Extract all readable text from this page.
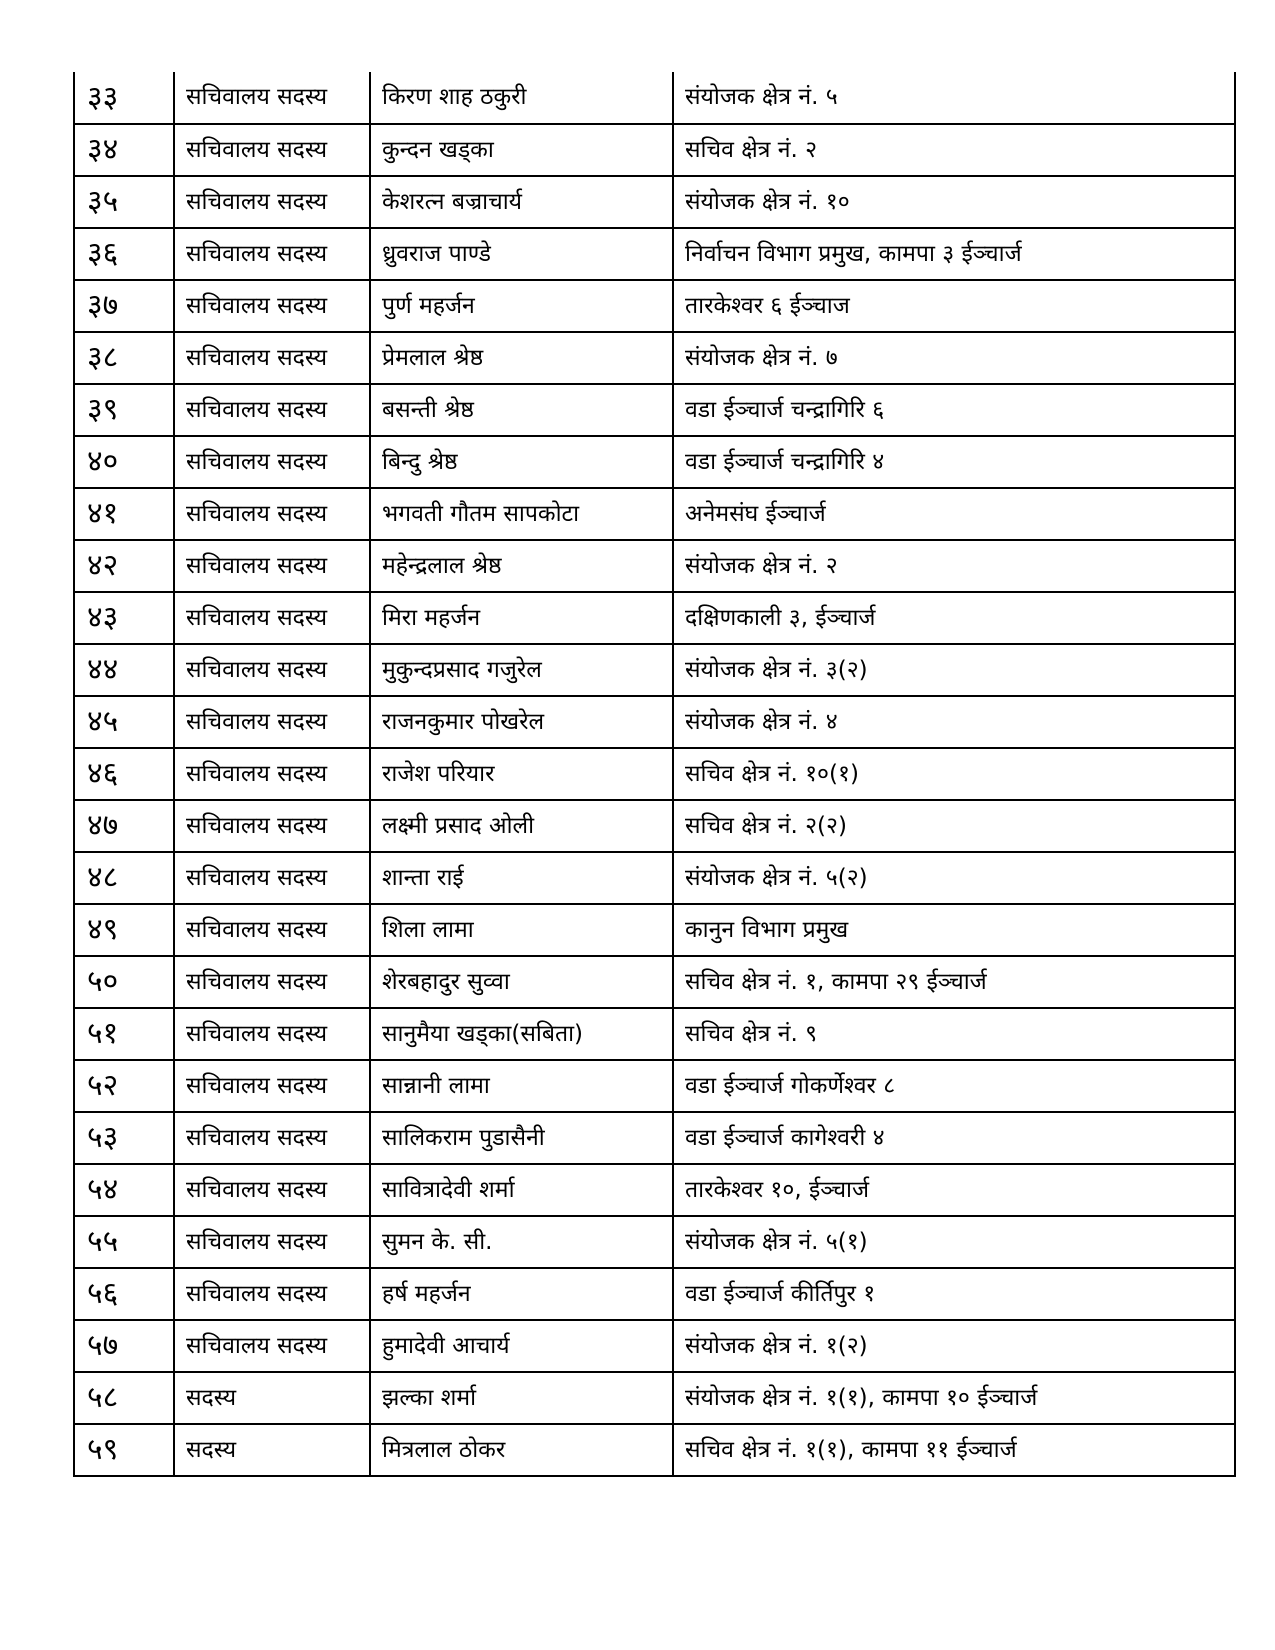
३३	सचिवालय सदस्य	किरण शाह ठकुरी	संयोजक क्षेत्र नं. ५
३४	सचिवालय सदस्य	कुन्दन खड्का	सचिव क्षेत्र नं. २
३५	सचिवालय सदस्य	केशरत्न बज्राचार्य	संयोजक क्षेत्र नं. १०
३६	सचिवालय सदस्य	ध्रुवराज पाण्डे	निर्वाचन विभाग प्रमुख, कामपा ३ ईञ्चार्ज
३७	सचिवालय सदस्य	पुर्ण महर्जन	तारकेश्वर ६ ईञ्चाज
३८	सचिवालय सदस्य	प्रेमलाल श्रेष्ठ	संयोजक क्षेत्र नं. ७
३९	सचिवालय सदस्य	बसन्ती श्रेष्ठ	वडा ईञ्चार्ज चन्द्रागिरि ६
४०	सचिवालय सदस्य	बिन्दु श्रेष्ठ	वडा ईञ्चार्ज चन्द्रागिरि ४
४१	सचिवालय सदस्य	भगवती गौतम सापकोटा	अनेमसंघ ईञ्चार्ज
४२	सचिवालय सदस्य	महेन्द्रलाल श्रेष्ठ	संयोजक क्षेत्र नं. २
४३	सचिवालय सदस्य	मिरा महर्जन	दक्षिणकाली ३, ईञ्चार्ज
४४	सचिवालय सदस्य	मुकुन्दप्रसाद गजुरेल	संयोजक क्षेत्र नं. ३(२)
४५	सचिवालय सदस्य	राजनकुमार पोखरेल	संयोजक क्षेत्र नं. ४
४६	सचिवालय सदस्य	राजेश परियार	सचिव क्षेत्र नं. १०(१)
४७	सचिवालय सदस्य	लक्ष्मी प्रसाद ओली	सचिव क्षेत्र नं. २(२)
४८	सचिवालय सदस्य	शान्ता राई	संयोजक क्षेत्र नं. ५(२)
४९	सचिवालय सदस्य	शिला लामा	कानुन विभाग प्रमुख
५०	सचिवालय सदस्य	शेरबहादुर सुव्वा	सचिव क्षेत्र नं. १, कामपा २९ ईञ्चार्ज
५१	सचिवालय सदस्य	सानुमैया खड्का(सबिता)	सचिव क्षेत्र नं. ९
५२	सचिवालय सदस्य	सान्नानी लामा	वडा ईञ्चार्ज गोकर्णेश्वर ८
५३	सचिवालय सदस्य	सालिकराम पुडासैनी	वडा ईञ्चार्ज कागेश्वरी ४
५४	सचिवालय सदस्य	सावित्रादेवी शर्मा	तारकेश्वर १०, ईञ्चार्ज
५५	सचिवालय सदस्य	सुमन के. सी.	संयोजक क्षेत्र नं. ५(१)
५६	सचिवालय सदस्य	हर्ष महर्जन	वडा ईञ्चार्ज कीर्तिपुर १
५७	सचिवालय सदस्य	हुमादेवी आचार्य	संयोजक क्षेत्र नं. १(२)
५८	सदस्य	झल्का शर्मा	संयोजक क्षेत्र नं. १(१), कामपा १० ईञ्चार्ज
५९	सदस्य	मित्रलाल ठोकर	सचिव क्षेत्र नं. १(१), कामपा ११ ईञ्चार्ज
